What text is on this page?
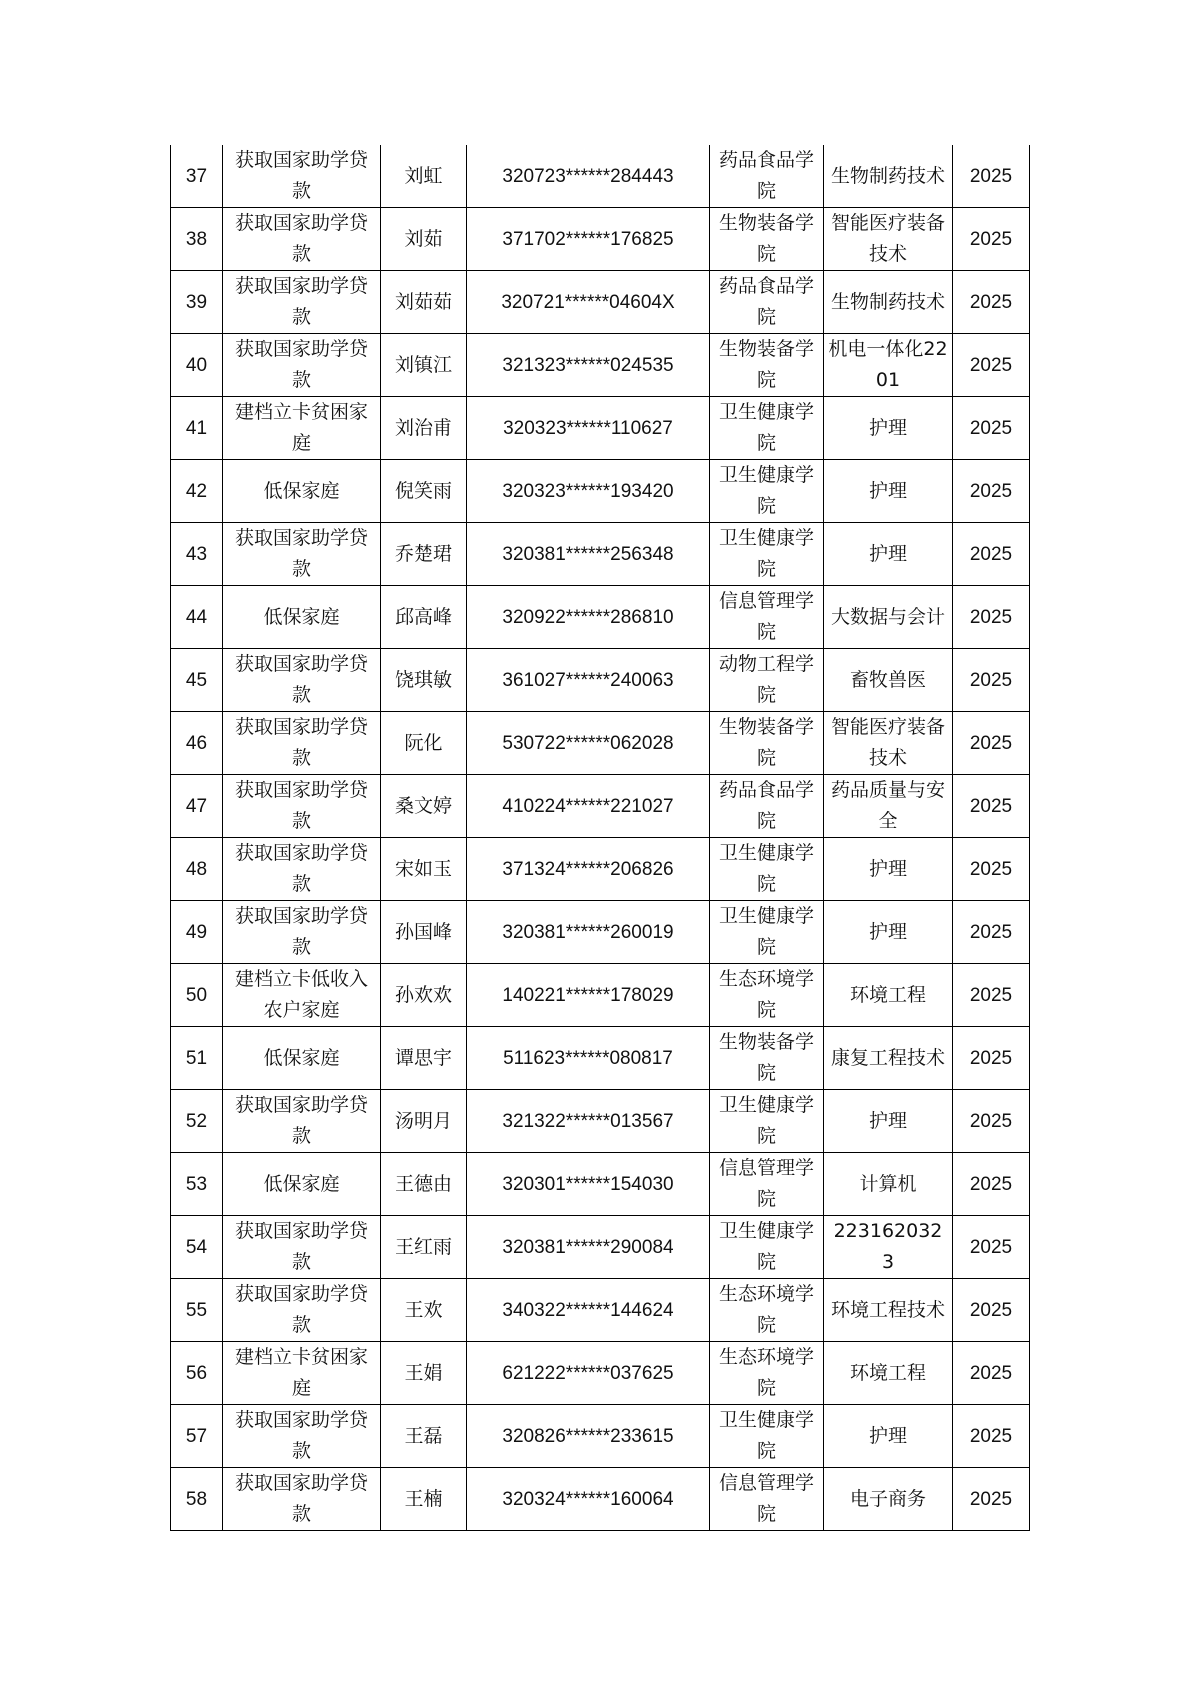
37	获取国家助学贷款	刘虹	320723******284443	药品食品学院	生物制药技术	2025
38	获取国家助学贷款	刘茹	371702******176825	生物装备学院	智能医疗装备技术	2025
39	获取国家助学贷款	刘茹茹	320721******04604X	药品食品学院	生物制药技术	2025
40	获取国家助学贷款	刘镇江	321323******024535	生物装备学院	机电一体化2201	2025
41	建档立卡贫困家庭	刘治甫	320323******110627	卫生健康学院	护理	2025
42	低保家庭	倪笑雨	320323******193420	卫生健康学院	护理	2025
43	获取国家助学贷款	乔楚珺	320381******256348	卫生健康学院	护理	2025
44	低保家庭	邱高峰	320922******286810	信息管理学院	大数据与会计	2025
45	获取国家助学贷款	饶琪敏	361027******240063	动物工程学院	畜牧兽医	2025
46	获取国家助学贷款	阮化	530722******062028	生物装备学院	智能医疗装备技术	2025
47	获取国家助学贷款	桑文婷	410224******221027	药品食品学院	药品质量与安全	2025
48	获取国家助学贷款	宋如玉	371324******206826	卫生健康学院	护理	2025
49	获取国家助学贷款	孙国峰	320381******260019	卫生健康学院	护理	2025
50	建档立卡低收入农户家庭	孙欢欢	140221******178029	生态环境学院	环境工程	2025
51	低保家庭	谭思宇	511623******080817	生物装备学院	康复工程技术	2025
52	获取国家助学贷款	汤明月	321322******013567	卫生健康学院	护理	2025
53	低保家庭	王德由	320301******154030	信息管理学院	计算机	2025
54	获取国家助学贷款	王红雨	320381******290084	卫生健康学院	2231620323	2025
55	获取国家助学贷款	王欢	340322******144624	生态环境学院	环境工程技术	2025
56	建档立卡贫困家庭	王娟	621222******037625	生态环境学院	环境工程	2025
57	获取国家助学贷款	王磊	320826******233615	卫生健康学院	护理	2025
58	获取国家助学贷款	王楠	320324******160064	信息管理学院	电子商务	2025
